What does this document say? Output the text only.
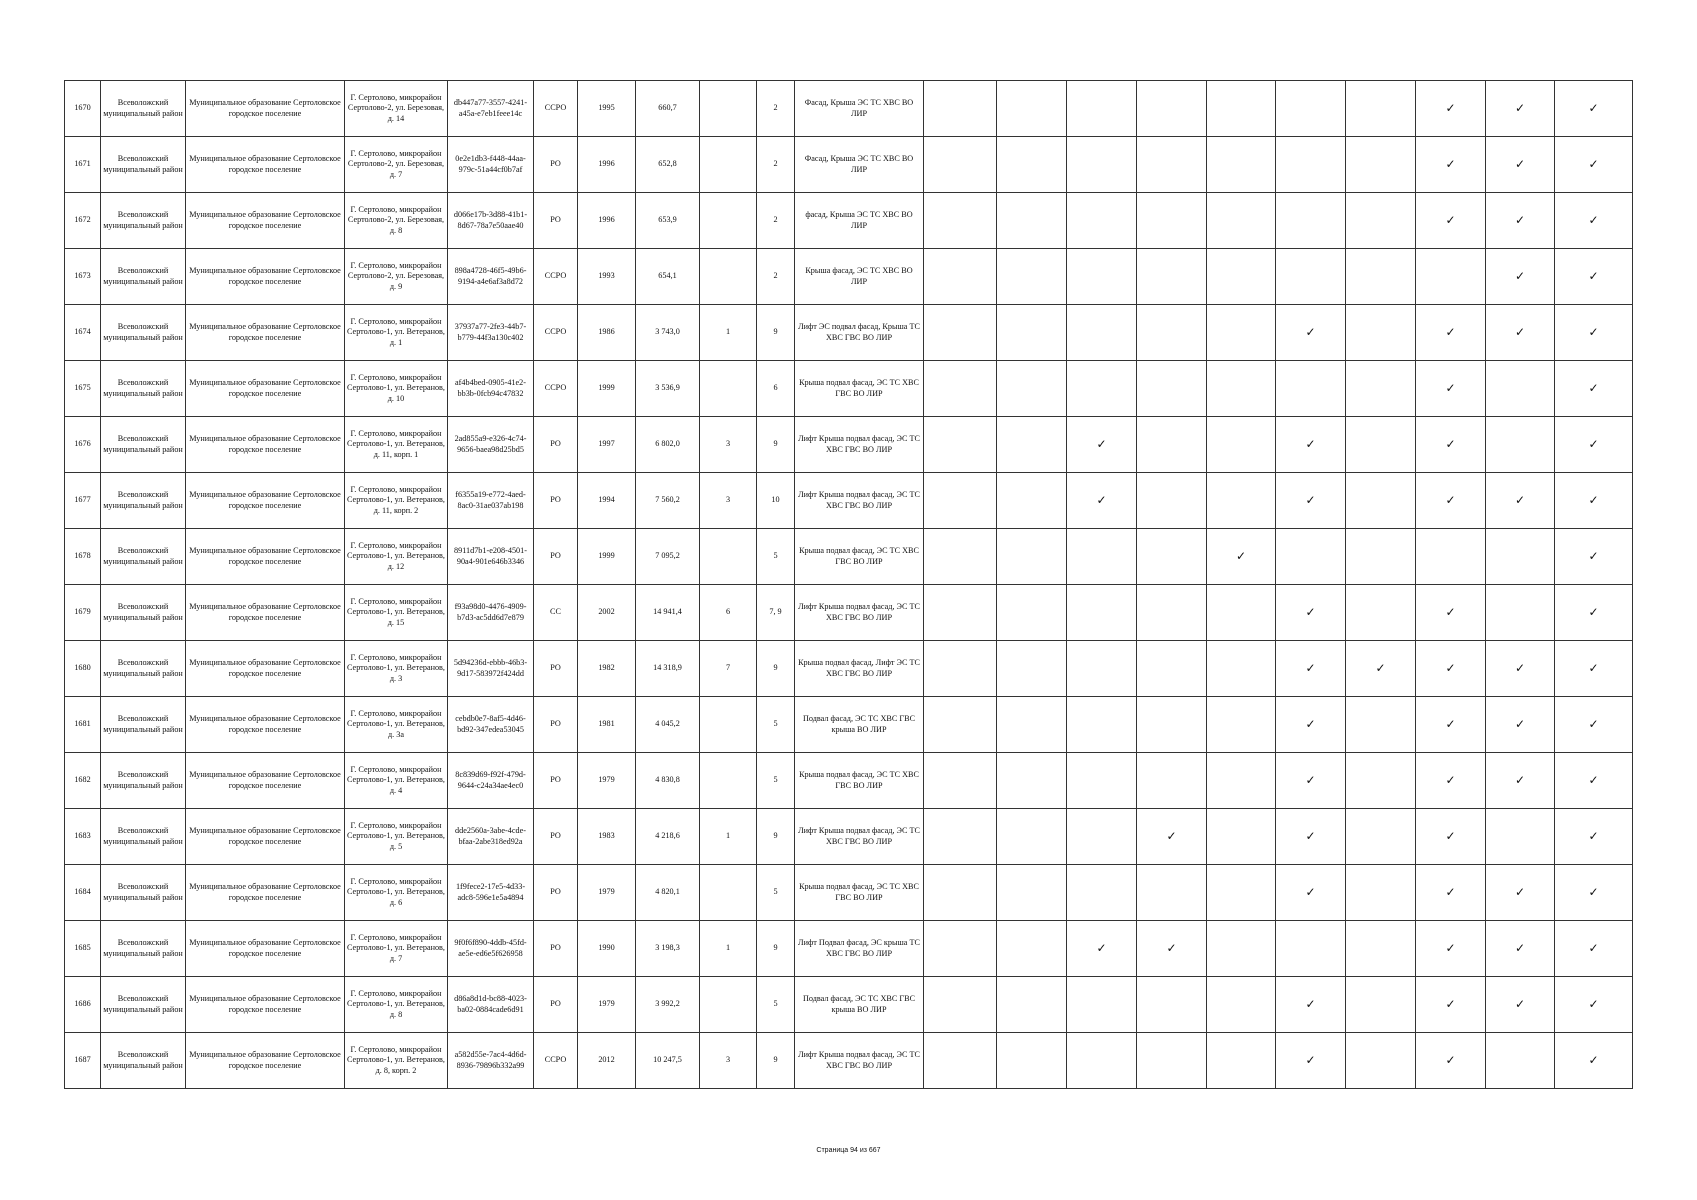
1670	Всеволожский муниципальный район	Муниципальное образование Сертоловское городское поселение	Г. Сертолово, микрорайон Сертолово-2, ул. Березовая, д. 14	db447a77-3557-4241-a45a-e7eb1feee14c	ССРО	1995	660,7		2	Фасад, Крыша ЭС ТС ХВС ВО ЛИР								✓	✓	✓
1671	Всеволожский муниципальный район	Муниципальное образование Сертоловское городское поселение	Г. Сертолово, микрорайон Сертолово-2, ул. Березовая, д. 7	0e2e1db3-f448-44aa-979c-51a44cf0b7af	РО	1996	652,8		2	Фасад, Крыша ЭС ТС ХВС ВО ЛИР								✓	✓	✓
1672	Всеволожский муниципальный район	Муниципальное образование Сертоловское городское поселение	Г. Сертолово, микрорайон Сертолово-2, ул. Березовая, д. 8	d066e17b-3d88-41b1-8d67-78a7e50aae40	РО	1996	653,9		2	фасад, Крыша ЭС ТС ХВС ВО ЛИР								✓	✓	✓
1673	Всеволожский муниципальный район	Муниципальное образование Сертоловское городское поселение	Г. Сертолово, микрорайон Сертолово-2, ул. Березовая, д. 9	898a4728-46f5-49b6-9194-a4e6af3a8d72	ССРО	1993	654,1		2	Крыша фасад, ЭС ТС ХВС ВО ЛИР									✓	✓
1674	Всеволожский муниципальный район	Муниципальное образование Сертоловское городское поселение	Г. Сертолово, микрорайон Сертолово-1, ул. Ветеранов, д. 1	37937a77-2fe3-44b7-b779-44f3a130c402	ССРО	1986	3 743,0	1	9	Лифт ЭС подвал фасад, Крыша ТС ХВС ГВС ВО ЛИР						✓		✓	✓	✓
1675	Всеволожский муниципальный район	Муниципальное образование Сертоловское городское поселение	Г. Сертолово, микрорайон Сертолово-1, ул. Ветеранов, д. 10	af4b4bed-0905-41e2-bb3b-0fcb94c47832	ССРО	1999	3 536,9		6	Крыша подвал фасад, ЭС ТС ХВС ГВС ВО ЛИР								✓		✓
1676	Всеволожский муниципальный район	Муниципальное образование Сертоловское городское поселение	Г. Сертолово, микрорайон Сертолово-1, ул. Ветеранов, д. 11, корп. 1	2ad855a9-e326-4c74-9656-baea98d25bd5	РО	1997	6 802,0	3	9	Лифт Крыша подвал фасад, ЭС ТС ХВС ГВС ВО ЛИР			✓			✓		✓		✓
1677	Всеволожский муниципальный район	Муниципальное образование Сертоловское городское поселение	Г. Сертолово, микрорайон Сертолово-1, ул. Ветеранов, д. 11, корп. 2	f6355a19-e772-4aed-8ac0-31ae037ab198	РО	1994	7 560,2	3	10	Лифт Крыша подвал фасад, ЭС ТС ХВС ГВС ВО ЛИР			✓			✓		✓	✓	✓
1678	Всеволожский муниципальный район	Муниципальное образование Сертоловское городское поселение	Г. Сертолово, микрорайон Сертолово-1, ул. Ветеранов, д. 12	8911d7b1-e208-4501-90a4-901e646b3346	РО	1999	7 095,2		5	Крыша подвал фасад, ЭС ТС ХВС ГВС ВО ЛИР					✓					✓
1679	Всеволожский муниципальный район	Муниципальное образование Сертоловское городское поселение	Г. Сертолово, микрорайон Сертолово-1, ул. Ветеранов, д. 15	f93a98d0-4476-4909-b7d3-ac5dd6d7e879	СС	2002	14 941,4	6	7, 9	Лифт Крыша подвал фасад, ЭС ТС ХВС ГВС ВО ЛИР						✓		✓		✓
1680	Всеволожский муниципальный район	Муниципальное образование Сертоловское городское поселение	Г. Сертолово, микрорайон Сертолово-1, ул. Ветеранов, д. 3	5d94236d-ebbb-46b3-9d17-583972f424dd	РО	1982	14 318,9	7	9	Крыша подвал фасад, Лифт ЭС ТС ХВС ГВС ВО ЛИР						✓	✓	✓	✓	✓
1681	Всеволожский муниципальный район	Муниципальное образование Сертоловское городское поселение	Г. Сертолово, микрорайон Сертолово-1, ул. Ветеранов, д. 3а	cebdb0e7-8af5-4d46-bd92-347edea53045	РО	1981	4 045,2		5	Подвал фасад, ЭС ТС ХВС ГВС крыша ВО ЛИР						✓		✓	✓	✓
1682	Всеволожский муниципальный район	Муниципальное образование Сертоловское городское поселение	Г. Сертолово, микрорайон Сертолово-1, ул. Ветеранов, д. 4	8c839d69-f92f-479d-9644-c24a34ae4ec0	РО	1979	4 830,8		5	Крыша подвал фасад, ЭС ТС ХВС ГВС ВО ЛИР						✓		✓	✓	✓
1683	Всеволожский муниципальный район	Муниципальное образование Сертоловское городское поселение	Г. Сертолово, микрорайон Сертолово-1, ул. Ветеранов, д. 5	dde2560a-3abe-4cde-bfaa-2abe318ed92a	РО	1983	4 218,6	1	9	Лифт Крыша подвал фасад, ЭС ТС ХВС ГВС ВО ЛИР				✓		✓		✓		✓
1684	Всеволожский муниципальный район	Муниципальное образование Сертоловское городское поселение	Г. Сертолово, микрорайон Сертолово-1, ул. Ветеранов, д. 6	1f9fece2-17e5-4d33-adc8-596e1e5a4894	РО	1979	4 820,1		5	Крыша подвал фасад, ЭС ТС ХВС ГВС ВО ЛИР						✓		✓	✓	✓
1685	Всеволожский муниципальный район	Муниципальное образование Сертоловское городское поселение	Г. Сертолово, микрорайон Сертолово-1, ул. Ветеранов, д. 7	9f0f6f890-4ddb-45fd-ae5e-ed6e5f626958	РО	1990	3 198,3	1	9	Лифт Подвал фасад, ЭС крыша ТС ХВС ГВС ВО ЛИР			✓	✓				✓	✓	✓
1686	Всеволожский муниципальный район	Муниципальное образование Сертоловское городское поселение	Г. Сертолово, микрорайон Сертолово-1, ул. Ветеранов, д. 8	d86a8d1d-bc88-4023-ba02-0884cade6d91	РО	1979	3 992,2		5	Подвал фасад, ЭС ТС ХВС ГВС крыша ВО ЛИР						✓		✓	✓	✓
1687	Всеволожский муниципальный район	Муниципальное образование Сертоловское городское поселение	Г. Сертолово, микрорайон Сертолово-1, ул. Ветеранов, д. 8, корп. 2	a582d55e-7ac4-4d6d-8936-79896b332a99	ССРО	2012	10 247,5	3	9	Лифт Крыша подвал фасад, ЭС ТС ХВС ГВС ВО ЛИР						✓		✓		✓
Страница 94 из 667
